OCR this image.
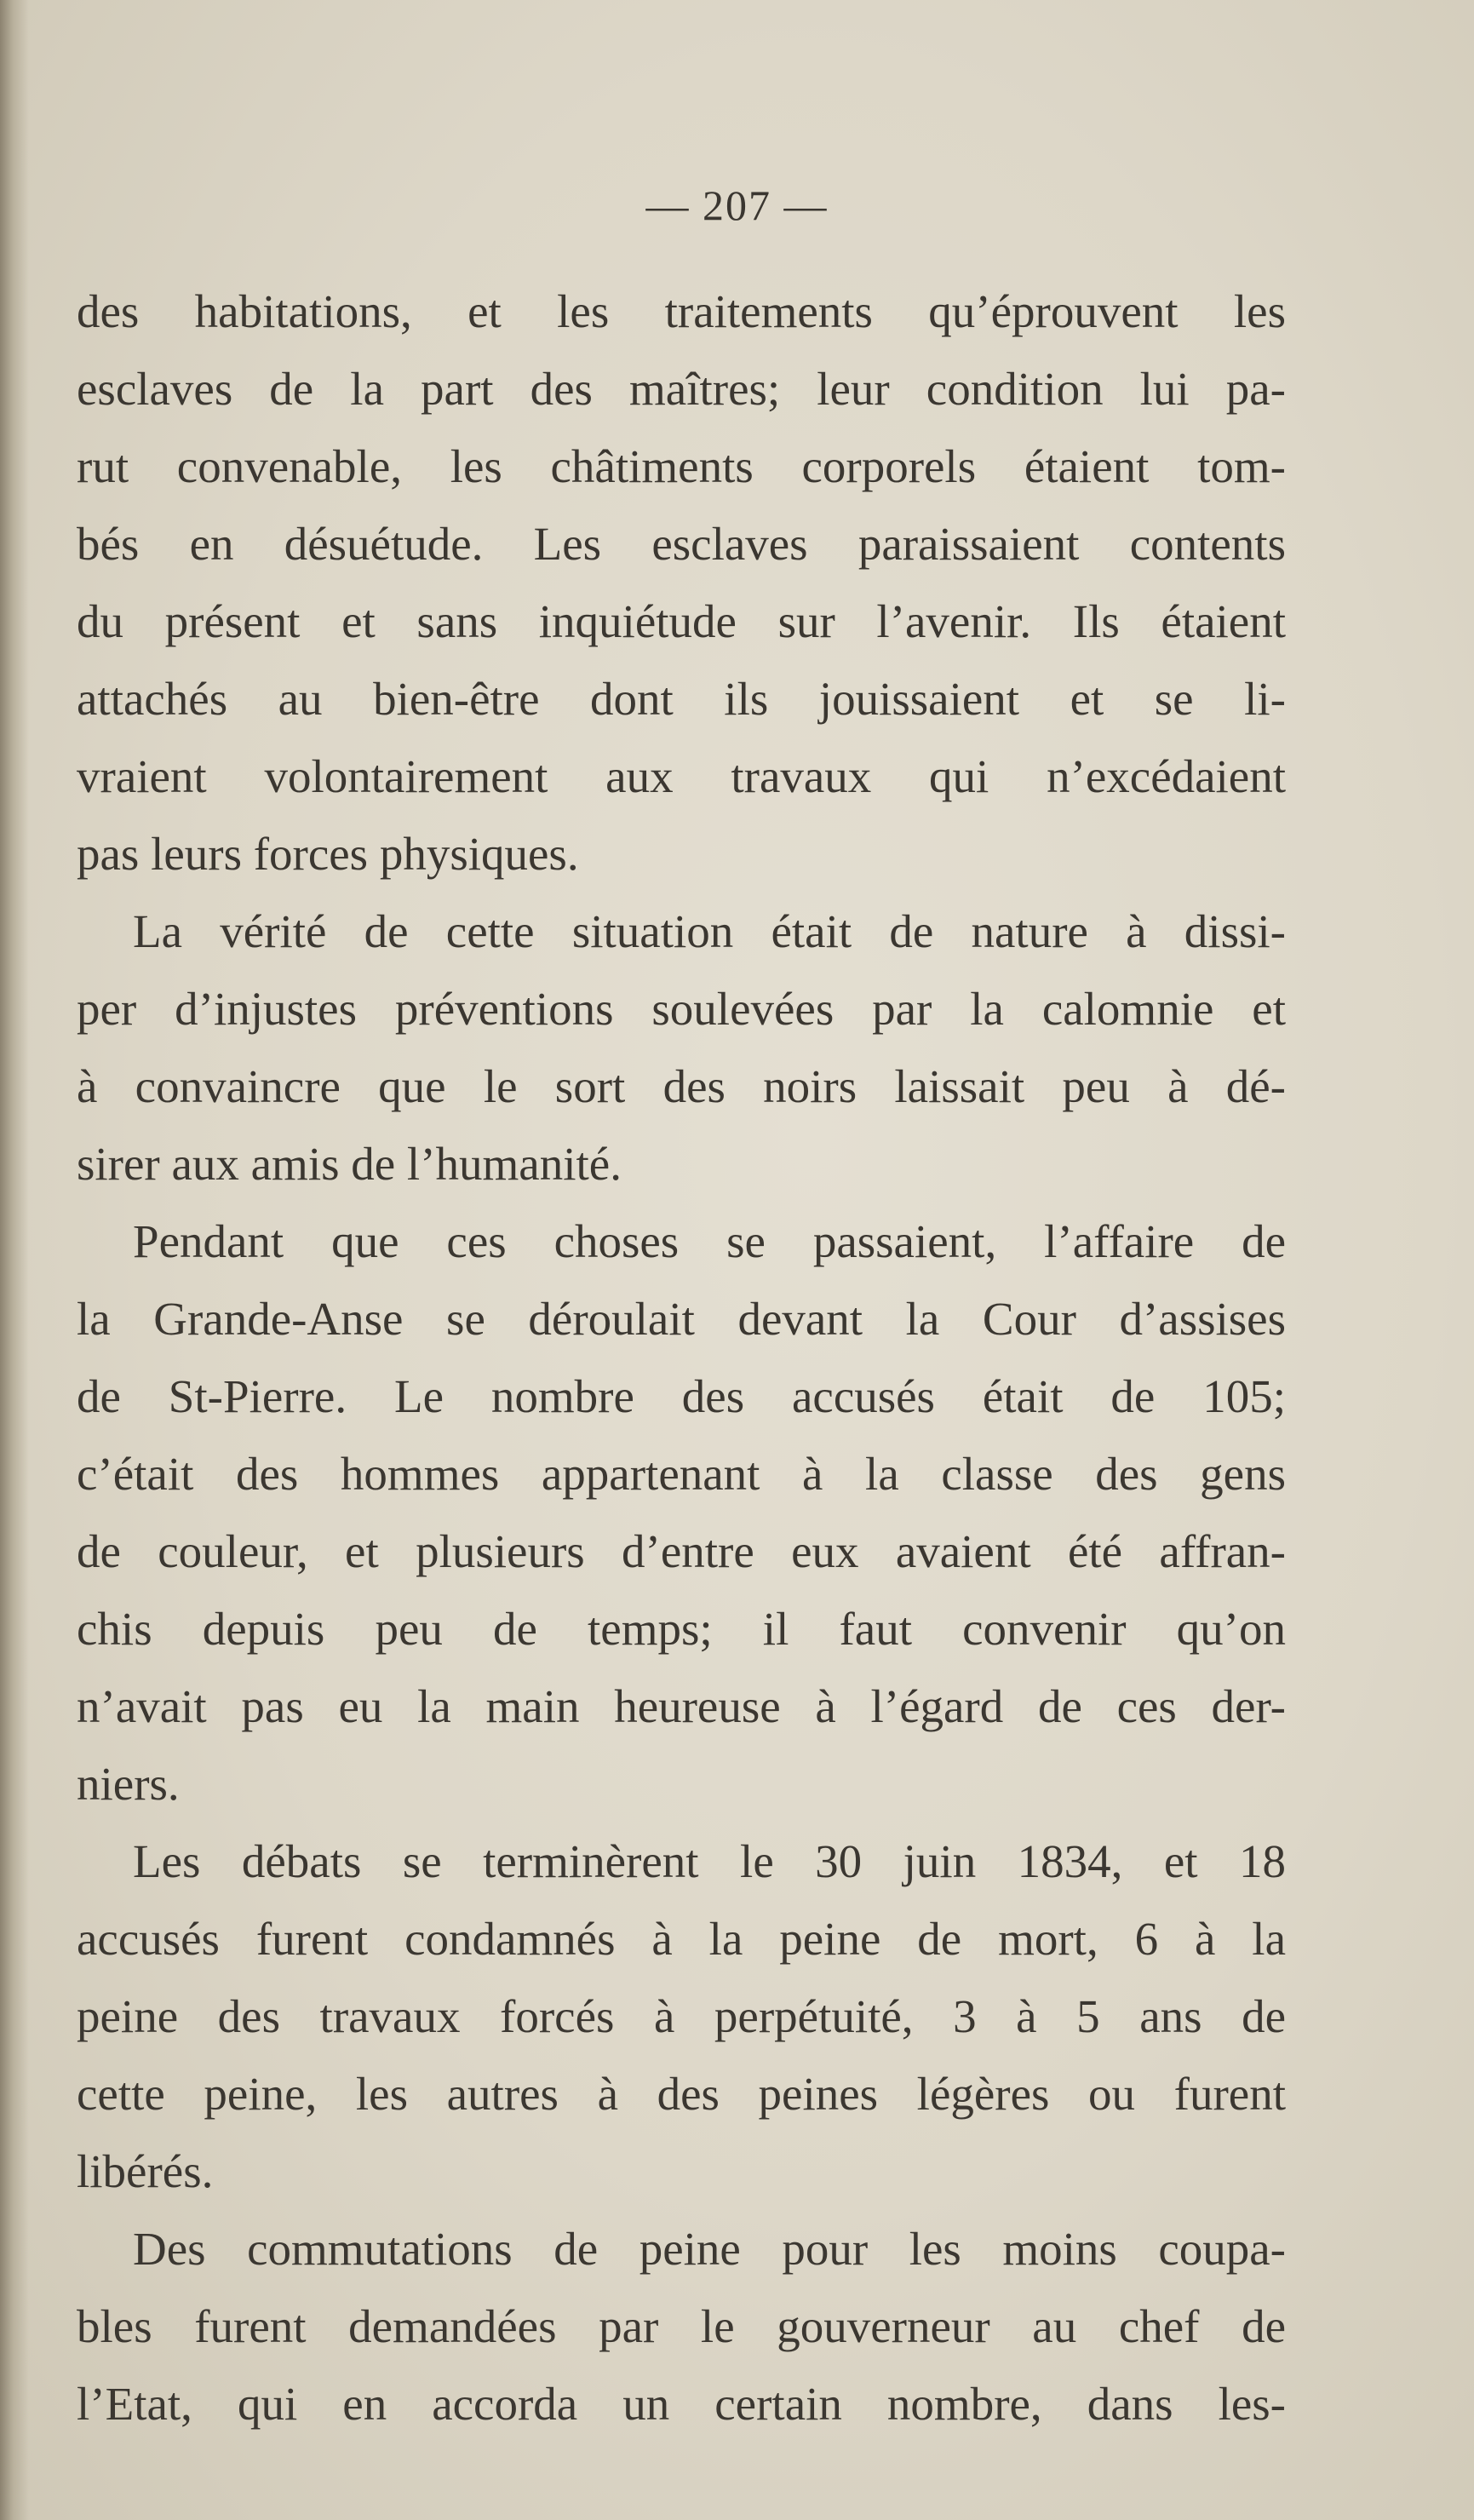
— 207 —
des habitations, et les traitements qu’éprouvent les
esclaves de la part des maîtres; leur condition lui pa-
rut convenable, les châtiments corporels étaient tom-
bés en désuétude. Les esclaves paraissaient contents
du présent et sans inquiétude sur l’avenir. Ils étaient
attachés au bien-être dont ils jouissaient et se li-
vraient volontairement aux travaux qui n’excédaient
pas leurs forces physiques.
La vérité de cette situation était de nature à dissi-
per d’injustes préventions soulevées par la calomnie et
à convaincre que le sort des noirs laissait peu à dé-
sirer aux amis de l’humanité.
Pendant que ces choses se passaient, l’affaire de
la Grande-Anse se déroulait devant la Cour d’assises
de St-Pierre. Le nombre des accusés était de 105;
c’était des hommes appartenant à la classe des gens
de couleur, et plusieurs d’entre eux avaient été affran-
chis depuis peu de temps; il faut convenir qu’on
n’avait pas eu la main heureuse à l’égard de ces der-
niers.
Les débats se terminèrent le 30 juin 1834, et 18
accusés furent condamnés à la peine de mort, 6 à la
peine des travaux forcés à perpétuité, 3 à 5 ans de
cette peine, les autres à des peines légères ou furent
libérés.
Des commutations de peine pour les moins coupa-
bles furent demandées par le gouverneur au chef de
l’Etat, qui en accorda un certain nombre, dans les-
